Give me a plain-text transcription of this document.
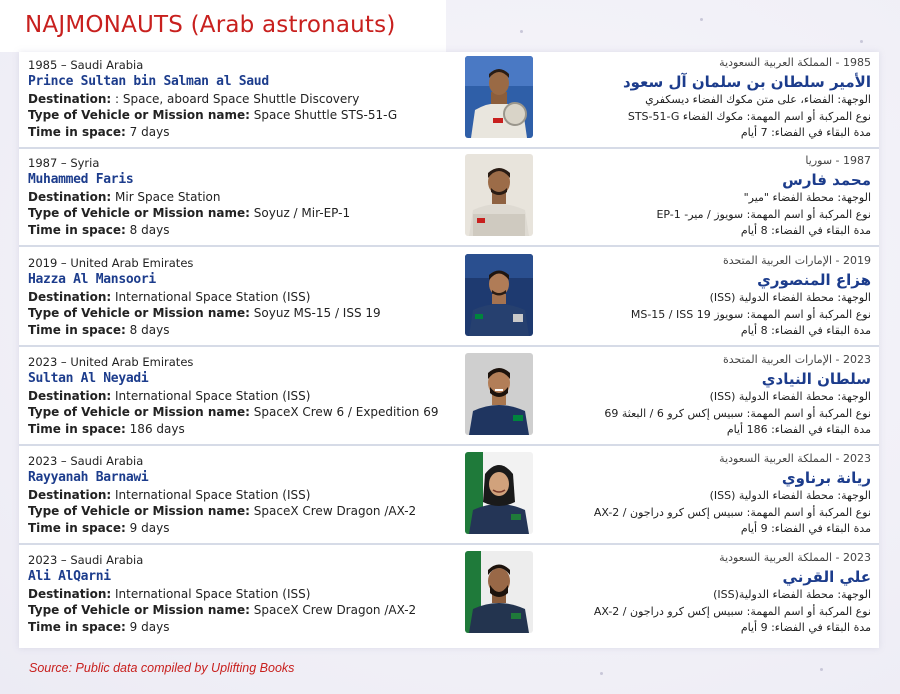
NAJMONAUTS (Arab astronauts)
1985 – Saudi Arabia
Prince Sultan bin Salman al Saud
Destination: : Space, aboard Space Shuttle Discovery
Type of Vehicle or Mission name: Space Shuttle STS-51-G
Time in space: 7 days
1985 - المملكة العربية السعودية
الأمير سلطان بن سلمان آل سعود
الوجهة: الفضاء، على متن مكوك الفضاء ديسكفري
نوع المركبة أو اسم المهمة: مكوك الفضاء STS-51-G
مدة البقاء في الفضاء: 7 أيام
1987 – Syria
Muhammed Faris
Destination: Mir Space Station
Type of Vehicle or Mission name: Soyuz / Mir-EP-1
Time in space: 8 days
1987 - سوريا
محمد فارس
الوجهة: محطة الفضاء "مير"
نوع المركبة أو اسم المهمة: سويوز / مير- EP-1
مدة البقاء في الفضاء: 8 أيام
2019 – United Arab Emirates
Hazza Al Mansoori
Destination: International Space Station (ISS)
Type of Vehicle or Mission name: Soyuz MS-15 / ISS 19
Time in space: 8 days
2019 - الإمارات العربية المتحدة
هزاع المنصوري
الوجهة: محطة الفضاء الدولية (ISS)
نوع المركبة أو اسم المهمة: سويوز MS-15 / ISS 19
مدة البقاء في الفضاء: 8 أيام
2023 – United Arab Emirates
Sultan Al Neyadi
Destination: International Space Station (ISS)
Type of Vehicle or Mission name: SpaceX Crew 6 / Expedition 69
Time in space: 186 days
2023 - الإمارات العربية المتحدة
سلطان النيادي
الوجهة: محطة الفضاء الدولية (ISS)
نوع المركبة أو اسم المهمة: سبيس إكس كرو 6 / البعثة 69
مدة البقاء في الفضاء: 186 أيام
2023 – Saudi Arabia
Rayyanah Barnawi
Destination: International Space Station (ISS)
Type of Vehicle or Mission name: SpaceX Crew Dragon /AX-2
Time in space: 9 days
2023 - المملكة العربية السعودية
ريانة برناوي
الوجهة: محطة الفضاء الدولية (ISS)
نوع المركبة أو اسم المهمة: سبيس إكس كرو دراجون / AX-2
مدة البقاء في الفضاء: 9 أيام
2023 – Saudi Arabia
Ali AlQarni
Destination: International Space Station (ISS)
Type of Vehicle or Mission name: SpaceX Crew Dragon /AX-2
Time in space: 9 days
2023 - المملكة العربية السعودية
علي القرني
الوجهة: محطة الفضاء الدولية(ISS)
نوع المركبة أو اسم المهمة: سبيس إكس كرو دراجون / AX-2
مدة البقاء في الفضاء: 9 أيام
Source: Public data compiled by Uplifting Books
